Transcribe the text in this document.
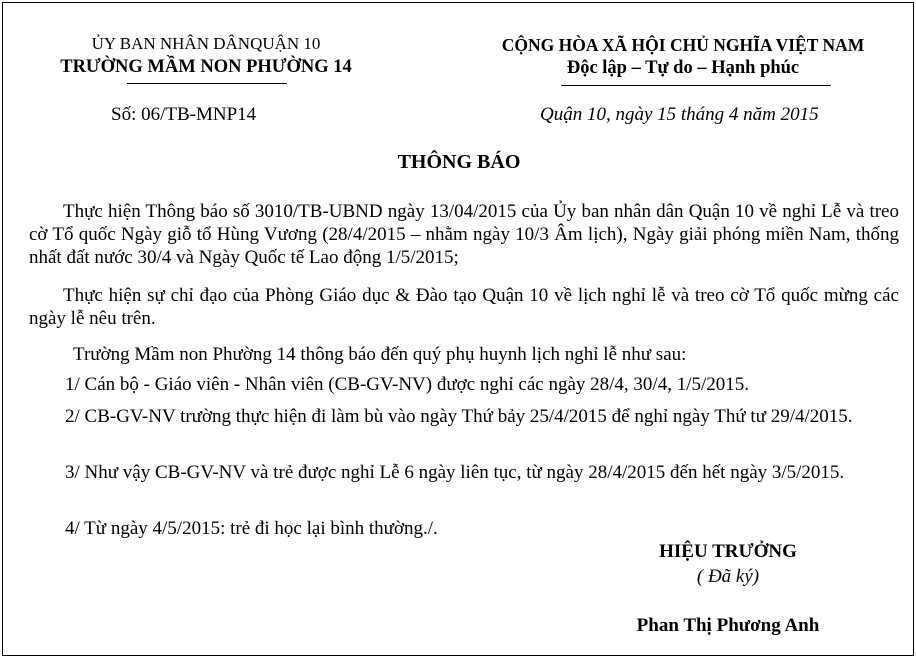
ỦY BAN NHÂN DÂNQUẬN 10
TRƯỜNG MẦM NON PHƯỜNG 14
CỘNG HÒA XÃ HỘI CHỦ NGHĨA VIỆT NAM
Độc lập – Tự do – Hạnh phúc
Số: 06/TB-MNP14	Quận 10, ngày 15 tháng 4 năm 2015
THÔNG BÁO
Thực hiện Thông báo số 3010/TB-UBND ngày 13/04/2015 của Ủy ban nhân dân Quận 10 về nghỉ Lễ và treo cờ Tổ quốc Ngày giỗ tổ Hùng Vương (28/4/2015 – nhằm ngày 10/3 Âm lịch), Ngày giải phóng miền Nam, thống nhất đất nước 30/4 và Ngày Quốc tế Lao động 1/5/2015;
Thực hiện sự chỉ đạo của Phòng Giáo dục & Đào tạo Quận 10 về lịch nghỉ lễ và treo cờ Tổ quốc mừng các ngày lễ nêu trên.
Trường Mầm non Phường 14 thông báo đến quý phụ huynh lịch nghỉ lễ như sau:
1/ Cán bộ - Giáo viên - Nhân viên (CB-GV-NV) được nghỉ các ngày 28/4, 30/4, 1/5/2015.
2/ CB-GV-NV trường thực hiện đi làm bù vào ngày Thứ bảy 25/4/2015 để nghỉ ngày Thứ tư 29/4/2015.
3/ Như vậy CB-GV-NV và trẻ được nghỉ Lễ 6 ngày liên tục, từ ngày 28/4/2015 đến hết ngày 3/5/2015.
4/ Từ ngày 4/5/2015: trẻ đi học lại bình thường./.
HIỆU TRƯỞNG
( Đã ký)
Phan Thị Phương Anh
